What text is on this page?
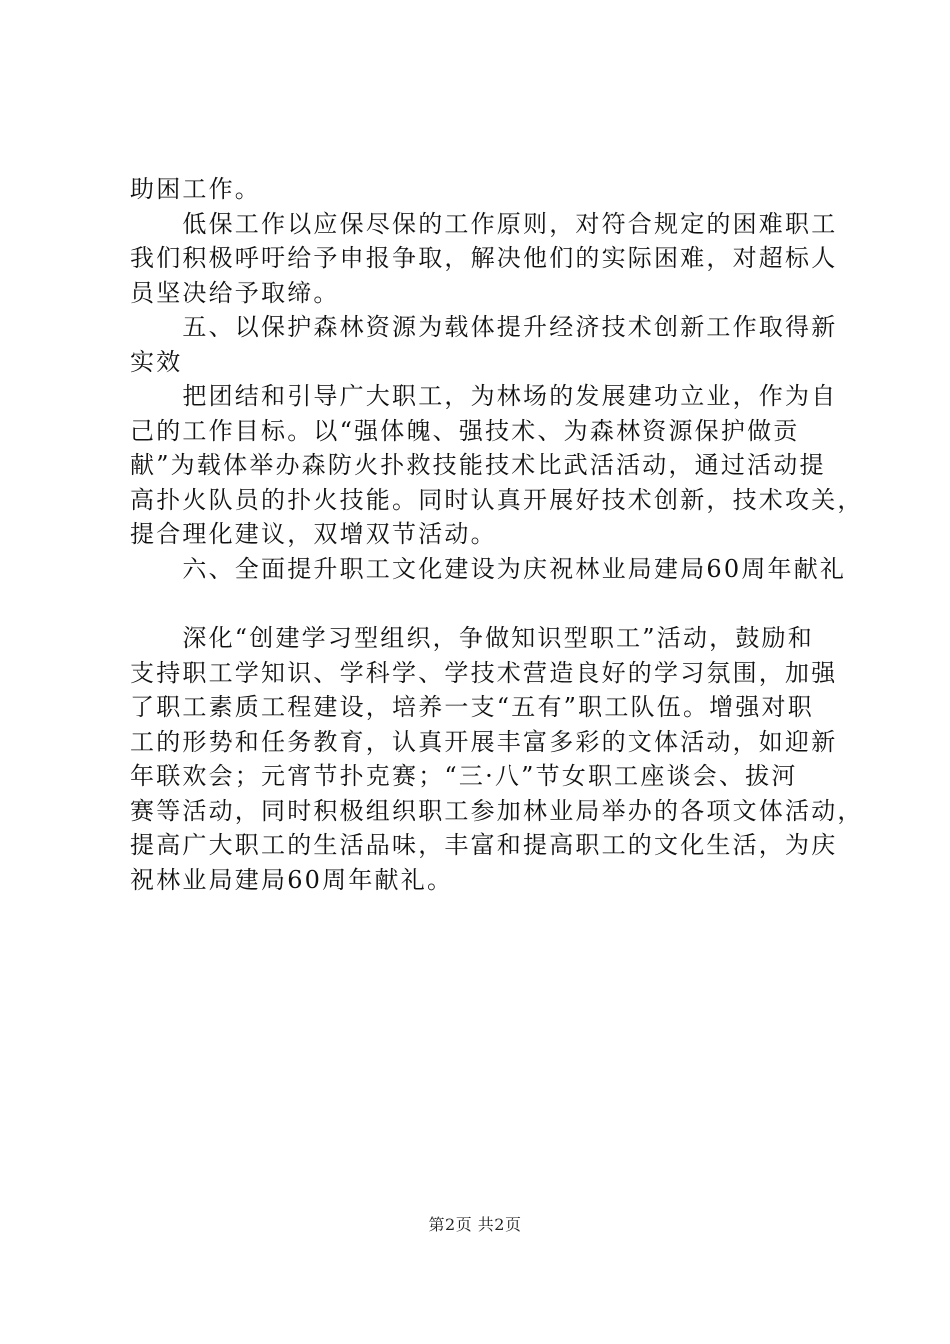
助困工作。
　　低保工作以应保尽保的工作原则，对符合规定的困难职工
我们积极呼吁给予申报争取，解决他们的实际困难，对超标人
员坚决给予取缔。
　　五、以保护森林资源为载体提升经济技术创新工作取得新
实效
　　把团结和引导广大职工，为林场的发展建功立业，作为自
己的工作目标。以“强体魄、强技术、为森林资源保护做贡
献”为载体举办森防火扑救技能技术比武活活动，通过活动提
高扑火队员的扑火技能。同时认真开展好技术创新，技术攻关，
提合理化建议，双增双节活动。
　　六、全面提升职工文化建设为庆祝林业局建局60周年献礼
　　深化“创建学习型组织，争做知识型职工”活动，鼓励和
支持职工学知识、学科学、学技术营造良好的学习氛围，加强
了职工素质工程建设，培养一支“五有”职工队伍。增强对职
工的形势和任务教育，认真开展丰富多彩的文体活动，如迎新
年联欢会；元宵节扑克赛；“三·八”节女职工座谈会、拔河
赛等活动，同时积极组织职工参加林业局举办的各项文体活动，
提高广大职工的生活品味，丰富和提高职工的文化生活，为庆
祝林业局建局60周年献礼。
第2页 共2页
